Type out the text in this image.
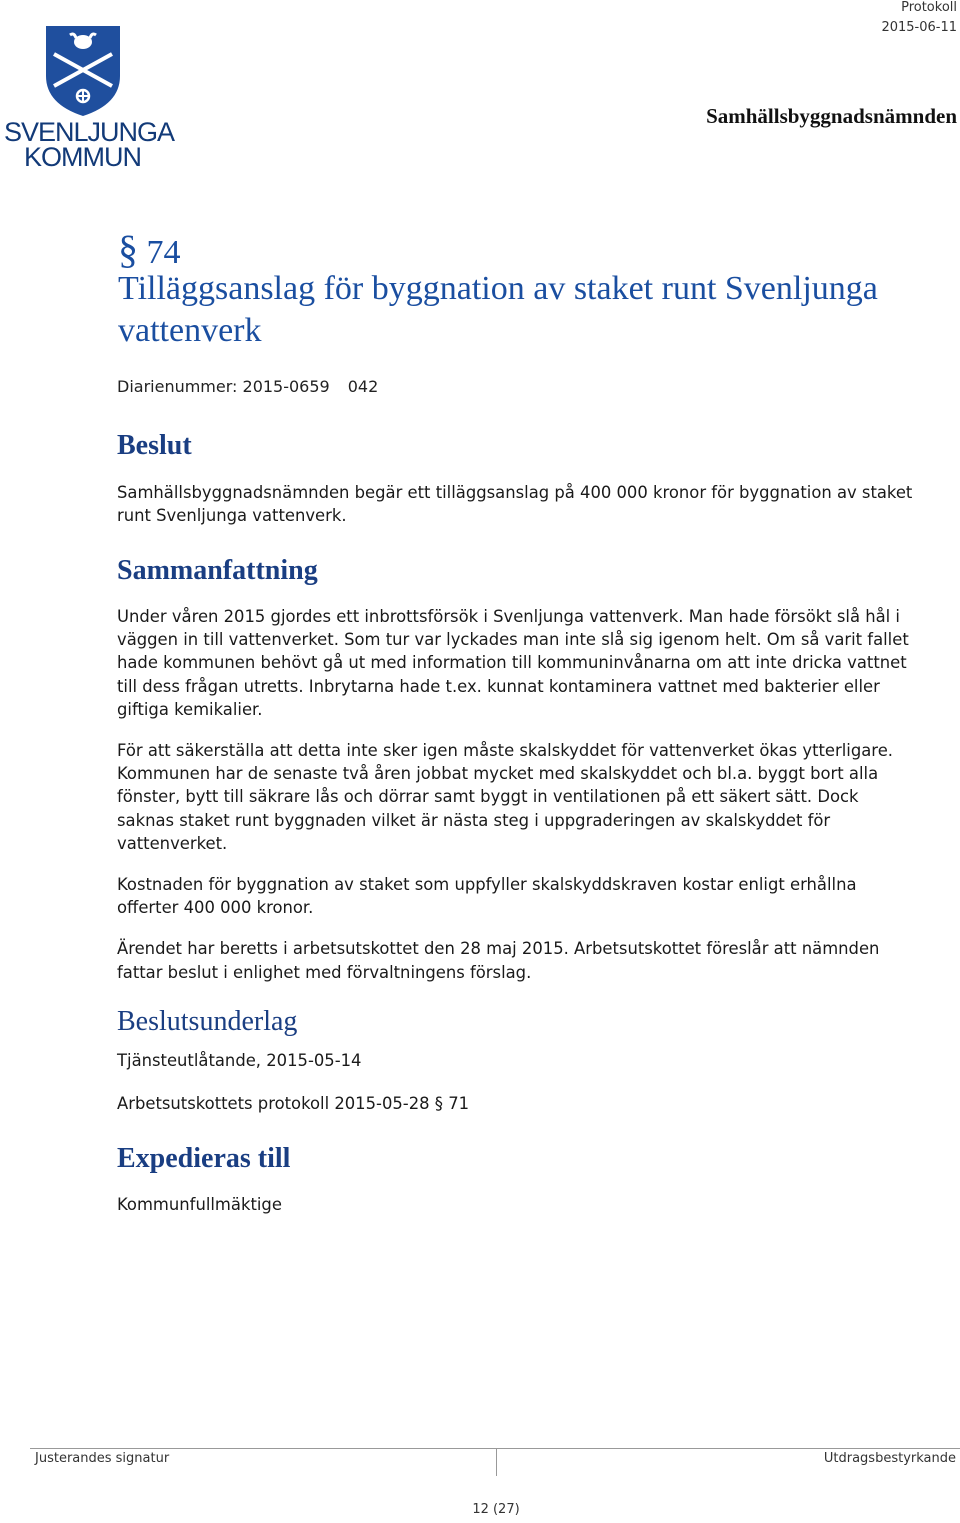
SVENLJUNGA
KOMMUN
Protokoll
2015-06-11
Samhällsbyggnadsnämnden
§ 74
Tilläggsanslag för byggnation av staket runt Svenljunga vattenverk
Diarienummer: 2015-0659 042
Beslut

Samhällsbyggnadsnämnden begär ett tilläggsanslag på 400 000 kronor för byggnation av staket runt Svenljunga vattenverk.

Sammanfattning

Under våren 2015 gjordes ett inbrottsförsök i Svenljunga vattenverk. Man hade försökt slå hål i väggen in till vattenverket. Som tur var lyckades man inte slå sig igenom helt. Om så varit fallet hade kommunen behövt gå ut med information till kommuninvånarna om att inte dricka vattnet till dess frågan utretts. Inbrytarna hade t.ex. kunnat kontaminera vattnet med bakterier eller giftiga kemikalier.

För att säkerställa att detta inte sker igen måste skalskyddet för vattenverket ökas ytterligare. Kommunen har de senaste två åren jobbat mycket med skalskyddet och bl.a. byggt bort alla fönster, bytt till säkrare lås och dörrar samt byggt in ventilationen på ett säkert sätt. Dock saknas staket runt byggnaden vilket är nästa steg i uppgraderingen av skalskyddet för vattenverket.

Kostnaden för byggnation av staket som uppfyller skalskyddskraven kostar enligt erhållna offerter 400 000 kronor.

Ärendet har beretts i arbetsutskottet den 28 maj 2015. Arbetsutskottet föreslår att nämnden fattar beslut i enlighet med förvaltningens förslag.

Beslutsunderlag
Tjänsteutlåtande, 2015-05-14
Arbetsutskottets protokoll 2015-05-28 § 71
Expedieras till
Kommunfullmäktige
Justerandes signatur	Utdragsbestyrkande
12 (27)
